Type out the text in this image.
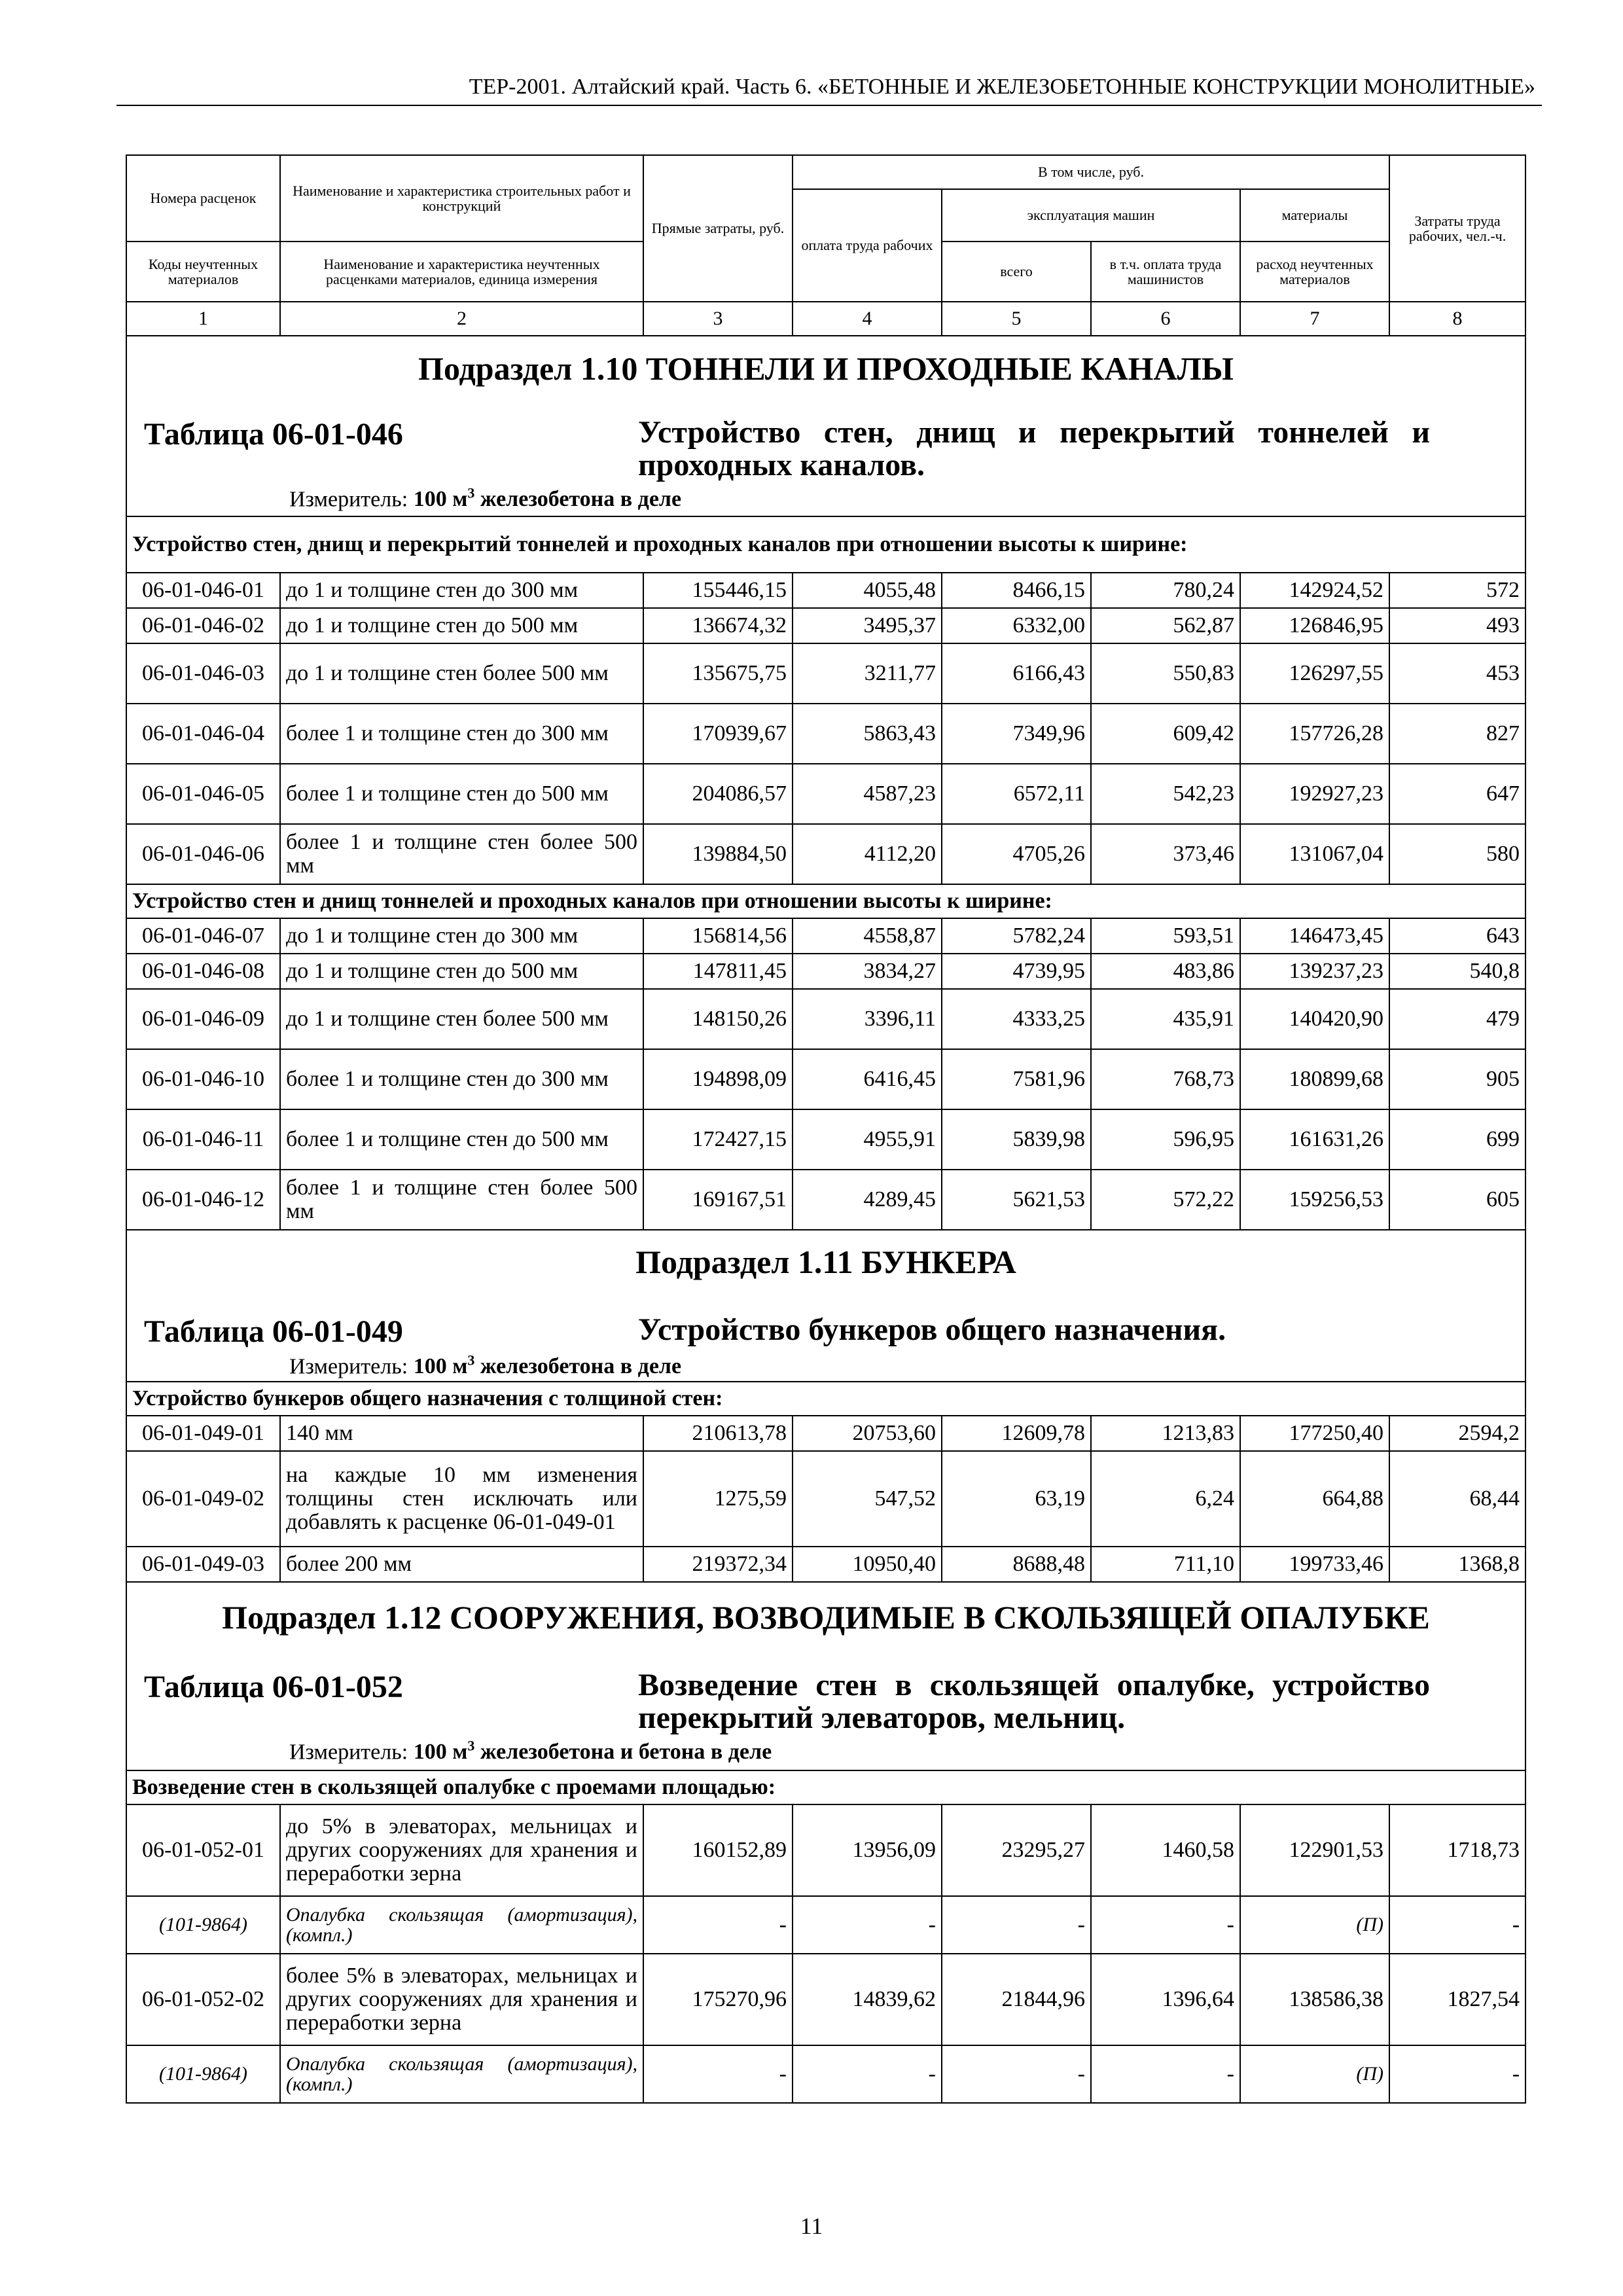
ТЕР-2001. Алтайский край. Часть 6. «БЕТОННЫЕ И ЖЕЛЕЗОБЕТОННЫЕ КОНСТРУКЦИИ МОНОЛИТНЫЕ»
Номера расценок	Наименование и характеристика строительных работ и конструкций	Прямые затраты, руб.	В том числе, руб.				Затраты труда рабочих, чел.-ч.
			оплата труда рабочих	эксплуатация машин		материалы	
Коды неучтенных материалов	Наименование и характеристика неучтенных расценками материалов, единица измерения			всего	в т.ч. оплата труда машинистов	расход неучтенных материалов	
1	2	3	4	5	6	7	8

Подраздел 1.10 ТОННЕЛИ И ПРОХОДНЫЕ КАНАЛЫ
Таблица 06-01-046 Устройство стен, днищ и перекрытий тоннелей и проходных каналов.
Измеритель: 100 $м^3$ железобетона в деле							

Устройство стен, днищ и перекрытий тоннелей и проходных каналов при отношении высоты к ширине:							
06-01-046-01	до 1 и толщине стен до 300 мм	155446,15	4055,48	8466,15	780,24	142924,52	572
06-01-046-02	до 1 и толщине стен до 500 мм	136674,32	3495,37	6332,00	562,87	126846,95	493
06-01-046-03	до 1 и толщине стен более 500 мм	135675,75	3211,77	6166,43	550,83	126297,55	453
06-01-046-04	более 1 и толщине стен до 300 мм	170939,67	5863,43	7349,96	609,42	157726,28	827
06-01-046-05	более 1 и толщине стен до 500 мм	204086,57	4587,23	6572,11	542,23	192927,23	647
06-01-046-06	более 1 и толщине стен более 500 мм	139884,50	4112,20	4705,26	373,46	131067,04	580
Устройство стен и днищ тоннелей и проходных каналов при отношении высоты к ширине:							
06-01-046-07	до 1 и толщине стен до 300 мм	156814,56	4558,87	5782,24	593,51	146473,45	643
06-01-046-08	до 1 и толщине стен до 500 мм	147811,45	3834,27	4739,95	483,86	139237,23	540,8
06-01-046-09	до 1 и толщине стен более 500 мм	148150,26	3396,11	4333,25	435,91	140420,90	479
06-01-046-10	более 1 и толщине стен до 300 мм	194898,09	6416,45	7581,96	768,73	180899,68	905
06-01-046-11	более 1 и толщине стен до 500 мм	172427,15	4955,91	5839,98	596,95	161631,26	699
06-01-046-12	более 1 и толщине стен более 500 мм	169167,51	4289,45	5621,53	572,22	159256,53	605

Подраздел 1.11 БУНКЕРА
Таблица 06-01-049 Устройство бункеров общего назначения.
Измеритель: 100 $м^3$ железобетона в деле							

Устройство бункеров общего назначения с толщиной стен:							
06-01-049-01	140 мм	210613,78	20753,60	12609,78	1213,83	177250,40	2594,2
06-01-049-02	на каждые 10 мм изменения толщины стен исключать или добавлять к расценке 06-01-049-01	1275,59	547,52	63,19	6,24	664,88	68,44
06-01-049-03	более 200 мм	219372,34	10950,40	8688,48	711,10	199733,46	1368,8

Подраздел 1.12 СООРУЖЕНИЯ, ВОЗВОДИМЫЕ В СКОЛЬЗЯЩЕЙ ОПАЛУБКЕ
Таблица 06-01-052 Возведение стен в скользящей опалубке, устройство перекрытий элеваторов, мельниц.
Измеритель: 100 $м^3$ железобетона и бетона в деле							

Возведение стен в скользящей опалубке с проемами площадью:							
06-01-052-01	до 5% в элеваторах, мельницах и других сооружениях для хранения и переработки зерна	160152,89	13956,09	23295,27	1460,58	122901,53	1718,73
(101-9864)	Опалубка скользящая (амортизация), (компл.)	-	-	-	-	(П)	-
06-01-052-02	более 5% в элеваторах, мельницах и других сооружениях для хранения и переработки зерна	175270,96	14839,62	21844,96	1396,64	138586,38	1827,54
(101-9864)	Опалубка скользящая (амортизация), (компл.)	-	-	-	-	(П)	-
11
